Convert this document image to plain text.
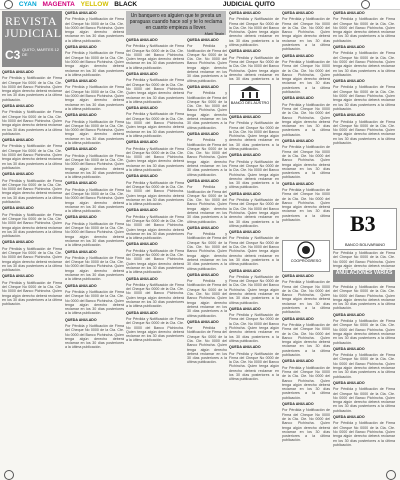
CYAN MAGENTA YELLOW BLACK	JUDICIAL QUITO
REVISTA
JUDICIAL
C3 QUITO, MARTES 12 DE

QUEDA ANULADO

Por Pérdida y Notificación de Firma del Cheque No 0000 de la Cta. Cte. No 0000 del Banco Pichincha. Quien tenga algún derecho deberá reclamar en los 30 días posteriores a la última publicación.

QUEDA ANULADO

Por Pérdida y Notificación de Firma del Cheque No 0000 de la Cta. Cte. No 0000 del Banco Pichincha. Quien tenga algún derecho deberá reclamar en los 30 días posteriores a la última publicación.

QUEDA ANULADO

Por Pérdida y Notificación de Firma del Cheque No 0000 de la Cta. Cte. No 0000 del Banco Pichincha. Quien tenga algún derecho deberá reclamar en los 30 días posteriores a la última publicación.

QUEDA ANULADO

Por Pérdida y Notificación de Firma del Cheque No 0000 de la Cta. Cte. No 0000 del Banco Pichincha. Quien tenga algún derecho deberá reclamar en los 30 días posteriores a la última publicación.

QUEDA ANULADO

Por Pérdida y Notificación de Firma del Cheque No 0000 de la Cta. Cte. No 0000 del Banco Pichincha. Quien tenga algún derecho deberá reclamar en los 30 días posteriores a la última publicación.

QUEDA ANULADO

Por Pérdida y Notificación de Firma del Cheque No 0000 de la Cta. Cte. No 0000 del Banco Pichincha. Quien tenga algún derecho deberá reclamar en los 30 días posteriores a la última publicación.

QUEDA ANULADO

Por Pérdida y Notificación de Firma del Cheque No 0000 de la Cta. Cte. No 0000 del Banco Pichincha. Quien tenga algún derecho deberá reclamar en los 30 días posteriores a la última publicación.

QUEDA ANULADO

Por Pérdida y Notificación de Firma del Cheque No 0000 de la Cta. Cte. No 0000 del Banco Pichincha. Quien tenga algún derecho deberá reclamar en los 30 días posteriores a la última publicación.

QUEDA ANULADO

Por Pérdida y Notificación de Firma del Cheque No 0000 de la Cta. Cte. No 0000 del Banco Pichincha. Quien tenga algún derecho deberá reclamar en los 30 días posteriores a la última publicación.

QUEDA ANULADO

Por Pérdida y Notificación de Firma del Cheque No 0000 de la Cta. Cte. No 0000 del Banco Pichincha. Quien tenga algún derecho deberá reclamar en los 30 días posteriores a la última publicación.

QUEDA ANULADO

Por Pérdida y Notificación de Firma del Cheque No 0000 de la Cta. Cte. No 0000 del Banco Pichincha. Quien tenga algún derecho deberá reclamar en los 30 días posteriores a la última publicación.

QUEDA ANULADO

Por Pérdida y Notificación de Firma del Cheque No 0000 de la Cta. Cte. No 0000 del Banco Pichincha. Quien tenga algún derecho deberá reclamar en los 30 días posteriores a la última publicación.

QUEDA ANULADO

Por Pérdida y Notificación de Firma del Cheque No 0000 de la Cta. Cte. No 0000 del Banco Pichincha. Quien tenga algún derecho deberá reclamar en los 30 días posteriores a la última publicación.

QUEDA ANULADO

Por Pérdida y Notificación de Firma del Cheque No 0000 de la Cta. Cte. No 0000 del Banco Pichincha. Quien tenga algún derecho deberá reclamar en los 30 días posteriores a la última publicación.

QUEDA ANULADO

Por Pérdida y Notificación de Firma del Cheque No 0000 de la Cta. Cte. No 0000 del Banco Pichincha. Quien tenga algún derecho deberá reclamar en los 30 días posteriores a la última publicación.

QUEDA ANULADO

Por Pérdida y Notificación de Firma del Cheque No 0000 de la Cta. Cte. No 0000 del Banco Pichincha. Quien tenga algún derecho deberá reclamar en los 30 días posteriores a la última publicación.

QUEDA ANULADO

Por Pérdida y Notificación de Firma del Cheque No 0000 de la Cta. Cte. No 0000 del Banco Pichincha. Quien tenga algún derecho deberá reclamar en los 30 días posteriores a la última publicación.

Un banquero es alguien que te presta un paraguas cuando hace sol y te lo reclama en cuanto empieza a llover.
Mark Twain

QUEDA ANULADO

Por Pérdida y Notificación de Firma del Cheque No 0000 de la Cta. Cte. No 0000 del Banco Pichincha. Quien tenga algún derecho deberá reclamar en los 30 días posteriores a la última publicación.

QUEDA ANULADO

Por Pérdida y Notificación de Firma del Cheque No 0000 de la Cta. Cte. No 0000 del Banco Pichincha. Quien tenga algún derecho deberá reclamar en los 30 días posteriores a la última publicación.

QUEDA ANULADO

Por Pérdida y Notificación de Firma del Cheque No 0000 de la Cta. Cte. No 0000 del Banco Pichincha. Quien tenga algún derecho deberá reclamar en los 30 días posteriores a la última publicación.

QUEDA ANULADO

Por Pérdida y Notificación de Firma del Cheque No 0000 de la Cta. Cte. No 0000 del Banco Pichincha. Quien tenga algún derecho deberá reclamar en los 30 días posteriores a la última publicación.

QUEDA ANULADO

Por Pérdida y Notificación de Firma del Cheque No 0000 de la Cta. Cte. No 0000 del Banco Pichincha. Quien tenga algún derecho deberá reclamar en los 30 días posteriores a la última publicación.

QUEDA ANULADO

Por Pérdida y Notificación de Firma del Cheque No 0000 de la Cta. Cte. No 0000 del Banco Pichincha. Quien tenga algún derecho deberá reclamar en los 30 días posteriores a la última publicación.

QUEDA ANULADO

Por Pérdida y Notificación de Firma del Cheque No 0000 de la Cta. Cte. No 0000 del Banco Pichincha. Quien tenga algún derecho deberá reclamar en los 30 días posteriores a la última publicación.

QUEDA ANULADO

Por Pérdida y Notificación de Firma del Cheque No 0000 de la Cta. Cte. No 0000 del Banco Pichincha. Quien tenga algún derecho deberá reclamar en los 30 días posteriores a la última publicación.

QUEDA ANULADO

Por Pérdida y Notificación de Firma del Cheque No 0000 de la Cta. Cte. No 0000 del Banco Pichincha. Quien tenga algún derecho deberá reclamar en los 30 días posteriores a la última publicación.

QUEDA ANULADO

Por Pérdida y Notificación de Firma del Cheque No 0000 de la Cta. Cte. No 0000 del Banco Pichincha. Quien tenga algún derecho deberá reclamar en los 30 días posteriores a la última publicación.

QUEDA ANULADO

Por Pérdida y Notificación de Firma del Cheque No 0000 de la Cta. Cte. No 0000 del Banco Pichincha. Quien tenga algún derecho deberá reclamar en los 30 días posteriores a la última publicación.

QUEDA ANULADO

Por Pérdida y Notificación de Firma del Cheque No 0000 de la Cta. Cte. No 0000 del Banco Pichincha. Quien tenga algún derecho deberá reclamar en los 30 días posteriores a la última publicación.

QUEDA ANULADO

Por Pérdida y Notificación de Firma del Cheque No 0000 de la Cta. Cte. No 0000 del Banco Pichincha. Quien tenga algún derecho deberá reclamar en los 30 días posteriores a la última publicación.

QUEDA ANULADO

Por Pérdida y Notificación de Firma del Cheque No 0000 de la Cta. Cte. No 0000 del Banco Pichincha. Quien tenga algún derecho deberá reclamar en los 30 días posteriores a la última publicación.

QUEDA ANULADO

Por Pérdida y Notificación de Firma del Cheque No 0000 de la Cta. Cte. No 0000 del Banco Pichincha. Quien tenga algún derecho deberá reclamar en los 30 días posteriores a la última publicación.

QUEDA ANULADO

Por Pérdida y Notificación de Firma del Cheque No 0000 de la Cta. Cte. No 0000 del Banco Pichincha. Quien tenga algún derecho deberá reclamar en los 30 días posteriores a la última publicación.

BANCO DEL AUSTRO

QUEDA ANULADO

Por Pérdida y Notificación de Firma del Cheque No 0000 de la Cta. Cte. No 0000 del Banco Pichincha. Quien tenga algún derecho deberá reclamar en los 30 días posteriores a la última publicación.

QUEDA ANULADO

Por Pérdida y Notificación de Firma del Cheque No 0000 de la Cta. Cte. No 0000 del Banco Pichincha. Quien tenga algún derecho deberá reclamar en los 30 días posteriores a la

QUEDA ANULADO

Por Pérdida y Notificación de Firma del Cheque No 0000 de la Cta. Cte. No 0000 del Banco Pichincha. Quien tenga algún derecho deberá reclamar en los 30 días posteriores a la última publicación.

QUEDA ANULADO

Por Pérdida y Notificación de Firma del Cheque No 0000 de la Cta. Cte. No 0000 del Banco Pichincha. Quien tenga algún derecho deberá reclamar en los 30 días posteriores a la última publicación.

QUEDA ANULADO

Por Pérdida y Notificación de Firma del Cheque No 0000 de la Cta. Cte. No 0000 del Banco Pichincha. Quien tenga algún derecho deberá reclamar en los 30 días posteriores a la última publicación.

QUEDA ANULADO

Por Pérdida y Notificación de Firma del Cheque No 0000 de la Cta. Cte. No 0000 del Banco Pichincha. Quien tenga algún derecho deberá reclamar en los 30 días posteriores a la última publicación.

QUEDA ANULADO

Por Pérdida y Notificación de Firma del Cheque No 0000 de la Cta. Cte. No 0000 del Banco Pichincha. Quien tenga algún derecho deberá reclamar en los 30 días posteriores a la última publicación.

QUEDA ANULADO

Por Pérdida y Notificación de Firma del Cheque No 0000 de la Cta. Cte. No 0000 del Banco Pichincha. Quien tenga algún derecho deberá reclamar en los 30 días posteriores a la última publicación.

QUEDA ANULADO

Por Pérdida y Notificación de Firma del Cheque No 0000 de la Cta. Cte. No 0000 del Banco Pichincha. Quien tenga algún derecho deberá reclamar en los 30 días posteriores a la última publicación.

QUEDA ANULADO

Por Pérdida y Notificación de Firma del Cheque No 0000 de la Cta. Cte. No 0000 del Banco Pichincha. Quien tenga algún derecho deberá reclamar en los 30 días posteriores a la última publicación.

QUEDA ANULADO

Por Pérdida y Notificación de Firma del Cheque No 0000 de la Cta. Cte. No 0000 del Banco Pichincha. Quien tenga algún derecho deberá reclamar en los 30 días posteriores a la última publicación.

QUEDA ANULADO

Por Pérdida y Notificación de Firma del Cheque No 0000 de la Cta. Cte. No 0000 del Banco Pichincha. Quien tenga algún derecho deberá reclamar en los 30 días posteriores a la última publicación.

QUEDA ANULADO

Por Pérdida y Notificación de Firma del Cheque No 0000 de la Cta. Cte. No 0000 del Banco Pichincha. Quien tenga algún derecho deberá reclamar en los 30 días posteriores a la última publicación.

QUEDA ANULADO

Por Pérdida y Notificación de Firma del Cheque No 0000 de la Cta. Cte. No 0000 del Banco Pichincha. Quien tenga algún derecho deberá reclamar en los 30 días posteriores a la última publicación.

COOPROGRESO

QUEDA ANULADO

Por Pérdida y Notificación de Firma del Cheque No 0000 de la Cta. Cte. No 0000 del Banco Pichincha. Quien tenga algún derecho deberá reclamar en los 30 días posteriores a la última publicación.

QUEDA ANULADO

Por Pérdida y Notificación de Firma del Cheque No 0000 de la Cta. Cte. No 0000 del Banco Pichincha. Quien tenga algún derecho deberá reclamar en los 30 días posteriores a la última publicación.

QUEDA ANULADO

Por Pérdida y Notificación de Firma del Cheque No 0000 de la Cta. Cte. No 0000 del Banco Pichincha. Quien tenga algún derecho deberá reclamar en los 30 días posteriores a la última publicación.

QUEDA ANULADO

Por Pérdida y Notificación de Firma del Cheque No 0000 de la Cta. Cte. No 0000 del Banco Pichincha. Quien tenga algún derecho deberá reclamar en los 30 días posteriores a la última publicación.

QUEDA ANULADO

Por Pérdida y Notificación de Firma del Cheque No 0000 de la Cta. Cte. No 0000 del Banco Pichincha. Quien tenga algún derecho deberá reclamar en los 30 días posteriores a la última publicación.

QUEDA ANULADO

Por Pérdida y Notificación de Firma del Cheque No 0000 de la Cta. Cte. No 0000 del Banco Pichincha. Quien tenga algún derecho deberá reclamar en los 30 días posteriores a la última publicación.

QUEDA ANULADO

Por Pérdida y Notificación de Firma del Cheque No 0000 de la Cta. Cte. No 0000 del Banco Pichincha. Quien tenga algún derecho deberá reclamar en los 30 días posteriores a la última publicación.

QUEDA ANULADO

Por Pérdida y Notificación de Firma del Cheque No 0000 de la Cta. Cte. No 0000 del Banco Pichincha. Quien tenga algún derecho deberá reclamar en los 30 días posteriores a la última publicación.

B3
BANCO BOLIVARIANO

Por Pérdida y Notificación de Firma del Cheque No 0000 de la Cta. Cte. No 0000 del Banco Pichincha. Quien tenga algún derecho deberá reclamar

ANULACIONES VARIAS

Por Pérdida y Notificación de Firma del Cheque No 0000 de la Cta. Cte. No 0000 del Banco Pichincha. Quien tenga algún derecho deberá reclamar en los 30 días posteriores a la última publicación.

QUEDA ANULADO

Por Pérdida y Notificación de Firma del Cheque No 0000 de la Cta. Cte. No 0000 del Banco Pichincha. Quien tenga algún derecho deberá reclamar en los 30 días posteriores a la última publicación.

QUEDA ANULADO

Por Pérdida y Notificación de Firma del Cheque No 0000 de la Cta. Cte. No 0000 del Banco Pichincha. Quien tenga algún derecho deberá reclamar en los 30 días posteriores a la última publicación.

QUEDA ANULADO

Por Pérdida y Notificación de Firma del Cheque No 0000 de la Cta. Cte. No 0000 del Banco Pichincha. Quien tenga algún derecho deberá reclamar en los 30 días posteriores a la última publicación.

QUEDA ANULADO

Por Pérdida y Notificación de Firma del Cheque No 0000 de la Cta. Cte. No 0000 del Banco Pichincha. Quien tenga algún derecho deberá reclamar en los 30 días posteriores a la última publicación.
